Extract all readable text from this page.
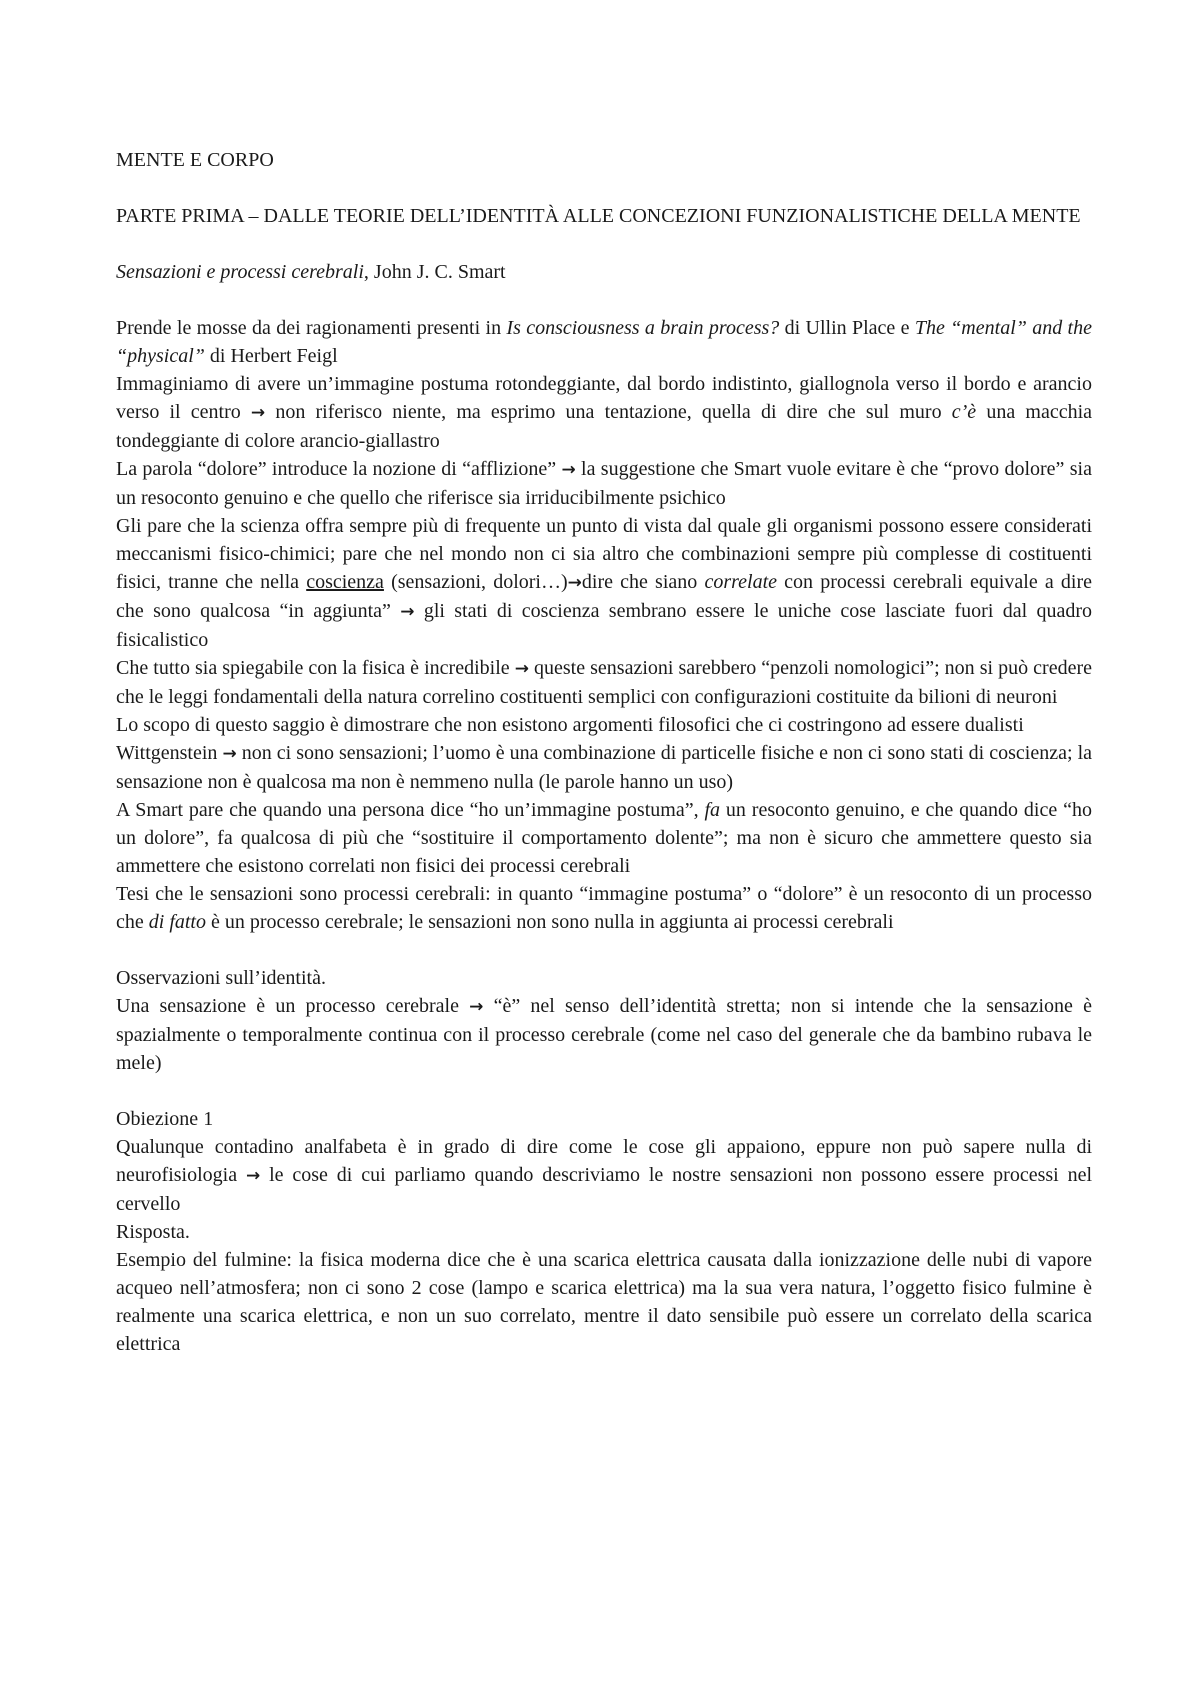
MENTE E CORPO

PARTE PRIMA – DALLE TEORIE DELL’IDENTITÀ ALLE CONCEZIONI FUNZIONALISTICHE DELLA MENTE

Sensazioni e processi cerebrali, John J. C. Smart

Prende le mosse da dei ragionamenti presenti in Is consciousness a brain process? di Ullin Place e The “mental” and the “physical” di Herbert Feigl

Immaginiamo di avere un’immagine postuma rotondeggiante, dal bordo indistinto, giallognola verso il bordo e arancio verso il centro → non riferisco niente, ma esprimo una tentazione, quella di dire che sul muro c’è una macchia tondeggiante di colore arancio-giallastro

La parola “dolore” introduce la nozione di “afflizione” → la suggestione che Smart vuole evitare è che “provo dolore” sia un resoconto genuino e che quello che riferisce sia irriducibilmente psichico

Gli pare che la scienza offra sempre più di frequente un punto di vista dal quale gli organismi possono essere considerati meccanismi fisico-chimici; pare che nel mondo non ci sia altro che combinazioni sempre più complesse di costituenti fisici, tranne che nella coscienza (sensazioni, dolori…)→dire che siano correlate con processi cerebrali equivale a dire che sono qualcosa “in aggiunta” → gli stati di coscienza sembrano essere le uniche cose lasciate fuori dal quadro fisicalistico

Che tutto sia spiegabile con la fisica è incredibile → queste sensazioni sarebbero “penzoli nomologici”; non si può credere che le leggi fondamentali della natura correlino costituenti semplici con configurazioni costituite da bilioni di neuroni

Lo scopo di questo saggio è dimostrare che non esistono argomenti filosofici che ci costringono ad essere dualisti

Wittgenstein → non ci sono sensazioni; l’uomo è una combinazione di particelle fisiche e non ci sono stati di coscienza; la sensazione non è qualcosa ma non è nemmeno nulla (le parole hanno un uso)

A Smart pare che quando una persona dice “ho un’immagine postuma”, fa un resoconto genuino, e che quando dice “ho un dolore”, fa qualcosa di più che “sostituire il comportamento dolente”; ma non è sicuro che ammettere questo sia ammettere che esistono correlati non fisici dei processi cerebrali

Tesi che le sensazioni sono processi cerebrali: in quanto “immagine postuma” o “dolore” è un resoconto di un processo che di fatto è un processo cerebrale; le sensazioni non sono nulla in aggiunta ai processi cerebrali

Osservazioni sull’identità.

Una sensazione è un processo cerebrale → “è” nel senso dell’identità stretta; non si intende che la sensazione è spazialmente o temporalmente continua con il processo cerebrale (come nel caso del generale che da bambino rubava le mele)

Obiezione 1

Qualunque contadino analfabeta è in grado di dire come le cose gli appaiono, eppure non può sapere nulla di neurofisiologia → le cose di cui parliamo quando descriviamo le nostre sensazioni non possono essere processi nel cervello

Risposta.

Esempio del fulmine: la fisica moderna dice che è una scarica elettrica causata dalla ionizzazione delle nubi di vapore acqueo nell’atmosfera; non ci sono 2 cose (lampo e scarica elettrica) ma la sua vera natura, l’oggetto fisico fulmine è realmente una scarica elettrica, e non un suo correlato, mentre il dato sensibile può essere un correlato della scarica elettrica
